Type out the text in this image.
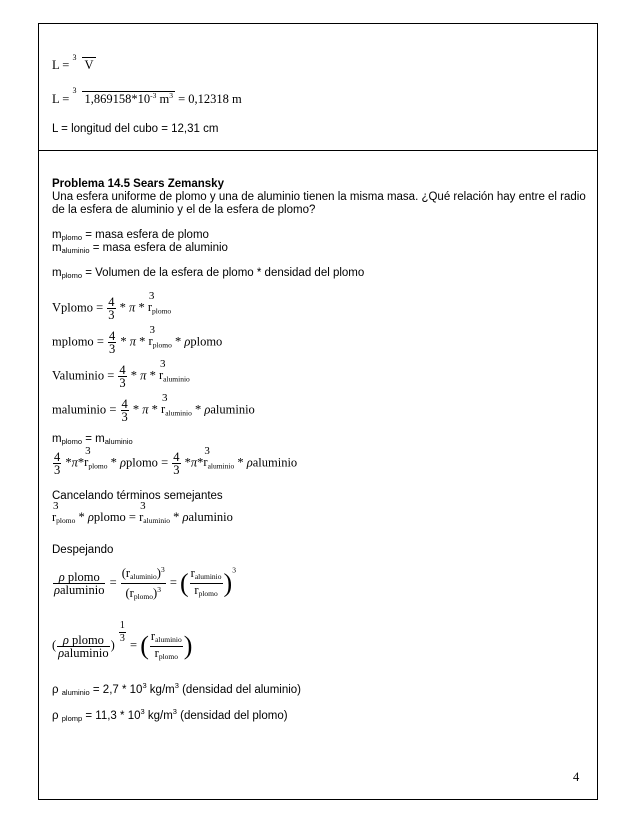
L =
3
V
L =
3
$1,869158*10^{-3}$ $m^3 = 0,12318$ m
L = longitud del cubo = 12,31 cm
Problema 14.5 Sears Zemansky
Una esfera uniforme de plomo y una de aluminio tienen la misma masa. ¿Qué relación hay entre el radio
de la esfera de aluminio y el de la esfera de plomo?
$m_{plomo}$ = masa esfera de plomo
$m_{aluminio}$ = masa esfera de aluminio
$m_{plomo}$ = Volumen de la esfera de plomo * densidad del plomo
Vplomo = $\frac{4}{3}$ * π *
3
$r_{plomo}$
mplomo = $\frac{4}{3}$ * π *
3
$r_{plomo}$ * ρplomo
Valuminio = $\frac{4}{3}$ * π *
3
$r_{aluminio}$
maluminio = $\frac{4}{3}$ * π *
3
$r_{aluminio}$ * ρaluminio
$m_{plomo} = m_{aluminio}$
$\frac{4}{3} *\pi*$
3
$r_{plomo}$ * ρplomo = $\frac{4}{3} *\pi*$
3
$r_{aluminio}$ * ρaluminio
Cancelando términos semejantes
3
$r_{plomo}$ * ρplomo =
3
$r_{aluminio}$ * ρaluminio
Despejando
$\frac{\text{ρ plomo}}{\text{ρaluminio}} = \frac{(r_{aluminio})^3}{(r_{plomo})^3}$ = ( $\frac{r_{aluminio}}{r_{plomo}} )^3$
( $\frac{\text{ρ plomo}}{\text{ρaluminio}}$ ) $\frac{1}{3}$ = ( $\frac{r_{aluminio}}{r_{plomo}}$ )
ρ $_{aluminio} = 2,7 * 10^3$ $kg/m^3$ (densidad del aluminio)
ρ $_{plomp} = 11,3 * 10^3$ $kg/m^3$ (densidad del plomo)
4
